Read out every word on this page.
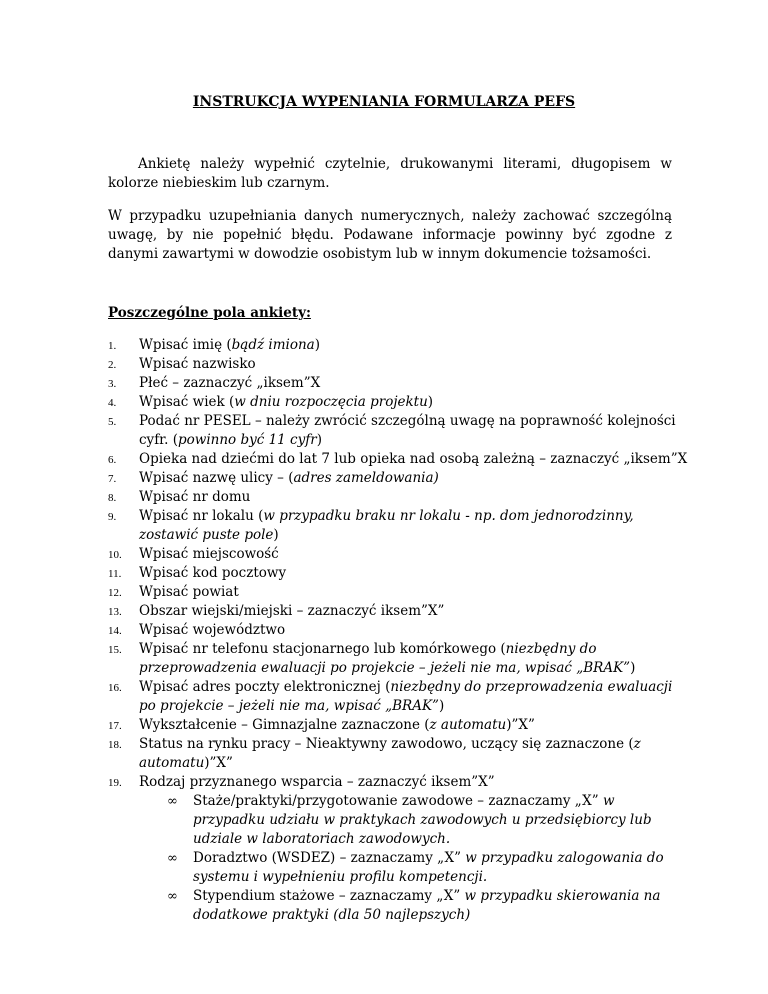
INSTRUKCJA WYPENIANIA FORMULARZA PEFS
Ankietę należy wypełnić czytelnie, drukowanymi literami, długopisem w kolorze niebieskim lub czarnym.
W przypadku uzupełniania danych numerycznych, należy zachować szczególną uwagę, by nie popełnić błędu. Podawane informacje powinny być zgodne z danymi zawartymi w dowodzie osobistym lub w innym dokumencie tożsamości.
Poszczególne pola ankiety:
1. Wpisać imię (bądź imiona)
2. Wpisać nazwisko
3. Płeć – zaznaczyć „iksem”X
4. Wpisać wiek (w dniu rozpoczęcia projektu)
5. Podać nr PESEL – należy zwrócić szczególną uwagę na poprawność kolejności cyfr. (powinno być 11 cyfr)
6. Opieka nad dziećmi do lat 7 lub opieka nad osobą zależną – zaznaczyć „iksem”X
7. Wpisać nazwę ulicy – (adres zameldowania)
8. Wpisać nr domu
9. Wpisać nr lokalu (w przypadku braku nr lokalu - np. dom jednorodzinny, zostawić puste pole)
10. Wpisać miejscowość
11. Wpisać kod pocztowy
12. Wpisać powiat
13. Obszar wiejski/miejski – zaznaczyć iksem”X”
14. Wpisać województwo
15. Wpisać nr telefonu stacjonarnego lub komórkowego (niezbędny do przeprowadzenia ewaluacji po projekcie – jeżeli nie ma, wpisać „BRAK”)
16. Wpisać adres poczty elektronicznej (niezbędny do przeprowadzenia ewaluacji po projekcie – jeżeli nie ma, wpisać „BRAK”)
17. Wykształcenie – Gimnazjalne zaznaczone (z automatu)”X”
18. Status na rynku pracy – Nieaktywny zawodowo, uczący się zaznaczone (z automatu)”X”
19. Rodzaj przyznanego wsparcia – zaznaczyć iksem”X”
∞ Staże/praktyki/przygotowanie zawodowe – zaznaczamy „X” w przypadku udziału w praktykach zawodowych u przedsiębiorcy lub udziale w laboratoriach zawodowych.
∞ Doradztwo (WSDEZ) – zaznaczamy „X” w przypadku zalogowania do systemu i wypełnieniu profilu kompetencji.
∞ Stypendium stażowe – zaznaczamy „X” w przypadku skierowania na dodatkowe praktyki (dla 50 najlepszych)
